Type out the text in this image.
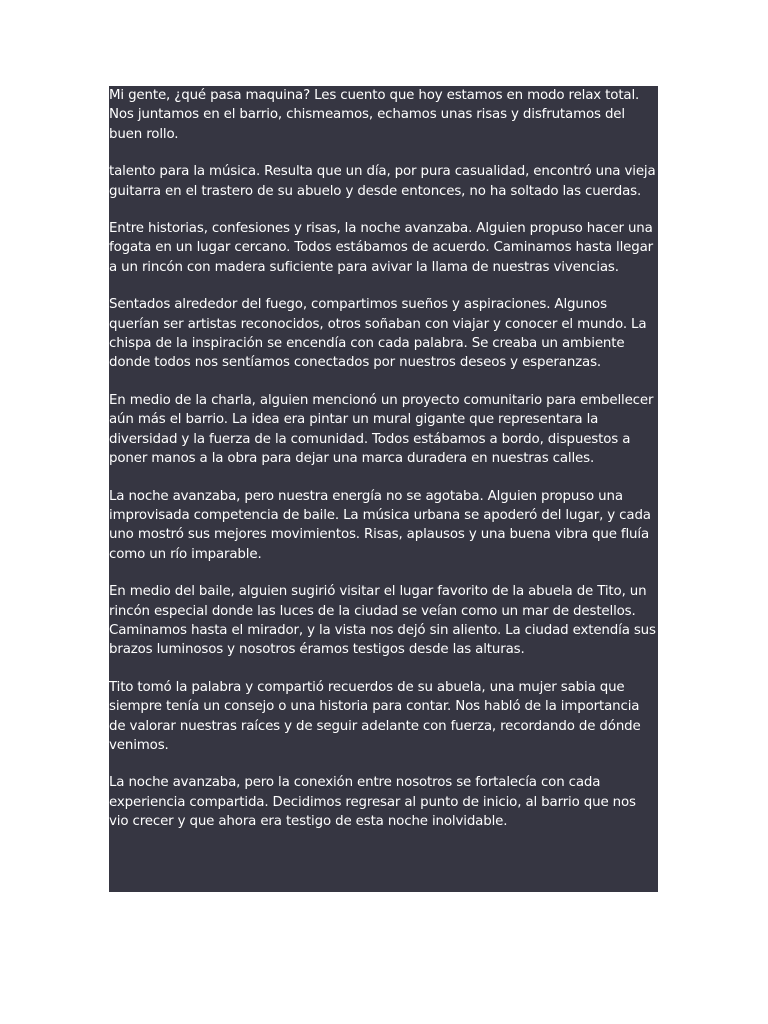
Mi gente, ¿qué pasa maquina? Les cuento que hoy estamos en modo relax total. Nos juntamos en el barrio, chismeamos, echamos unas risas y disfrutamos del buen rollo.

talento para la música. Resulta que un día, por pura casualidad, encontró una vieja guitarra en el trastero de su abuelo y desde entonces, no ha soltado las cuerdas.

Entre historias, confesiones y risas, la noche avanzaba. Alguien propuso hacer una fogata en un lugar cercano. Todos estábamos de acuerdo. Caminamos hasta llegar a un rincón con madera suficiente para avivar la llama de nuestras vivencias.

Sentados alrededor del fuego, compartimos sueños y aspiraciones. Algunos querían ser artistas reconocidos, otros soñaban con viajar y conocer el mundo. La chispa de la inspiración se encendía con cada palabra. Se creaba un ambiente donde todos nos sentíamos conectados por nuestros deseos y esperanzas.

En medio de la charla, alguien mencionó un proyecto comunitario para embellecer aún más el barrio. La idea era pintar un mural gigante que representara la diversidad y la fuerza de la comunidad. Todos estábamos a bordo, dispuestos a poner manos a la obra para dejar una marca duradera en nuestras calles.

La noche avanzaba, pero nuestra energía no se agotaba. Alguien propuso una improvisada competencia de baile. La música urbana se apoderó del lugar, y cada uno mostró sus mejores movimientos. Risas, aplausos y una buena vibra que fluía como un río imparable.

En medio del baile, alguien sugirió visitar el lugar favorito de la abuela de Tito, un rincón especial donde las luces de la ciudad se veían como un mar de destellos. Caminamos hasta el mirador, y la vista nos dejó sin aliento. La ciudad extendía sus brazos luminosos y nosotros éramos testigos desde las alturas.

Tito tomó la palabra y compartió recuerdos de su abuela, una mujer sabia que siempre tenía un consejo o una historia para contar. Nos habló de la importancia de valorar nuestras raíces y de seguir adelante con fuerza, recordando de dónde venimos.

La noche avanzaba, pero la conexión entre nosotros se fortalecía con cada experiencia compartida. Decidimos regresar al punto de inicio, al barrio que nos vio crecer y que ahora era testigo de esta noche inolvidable.
